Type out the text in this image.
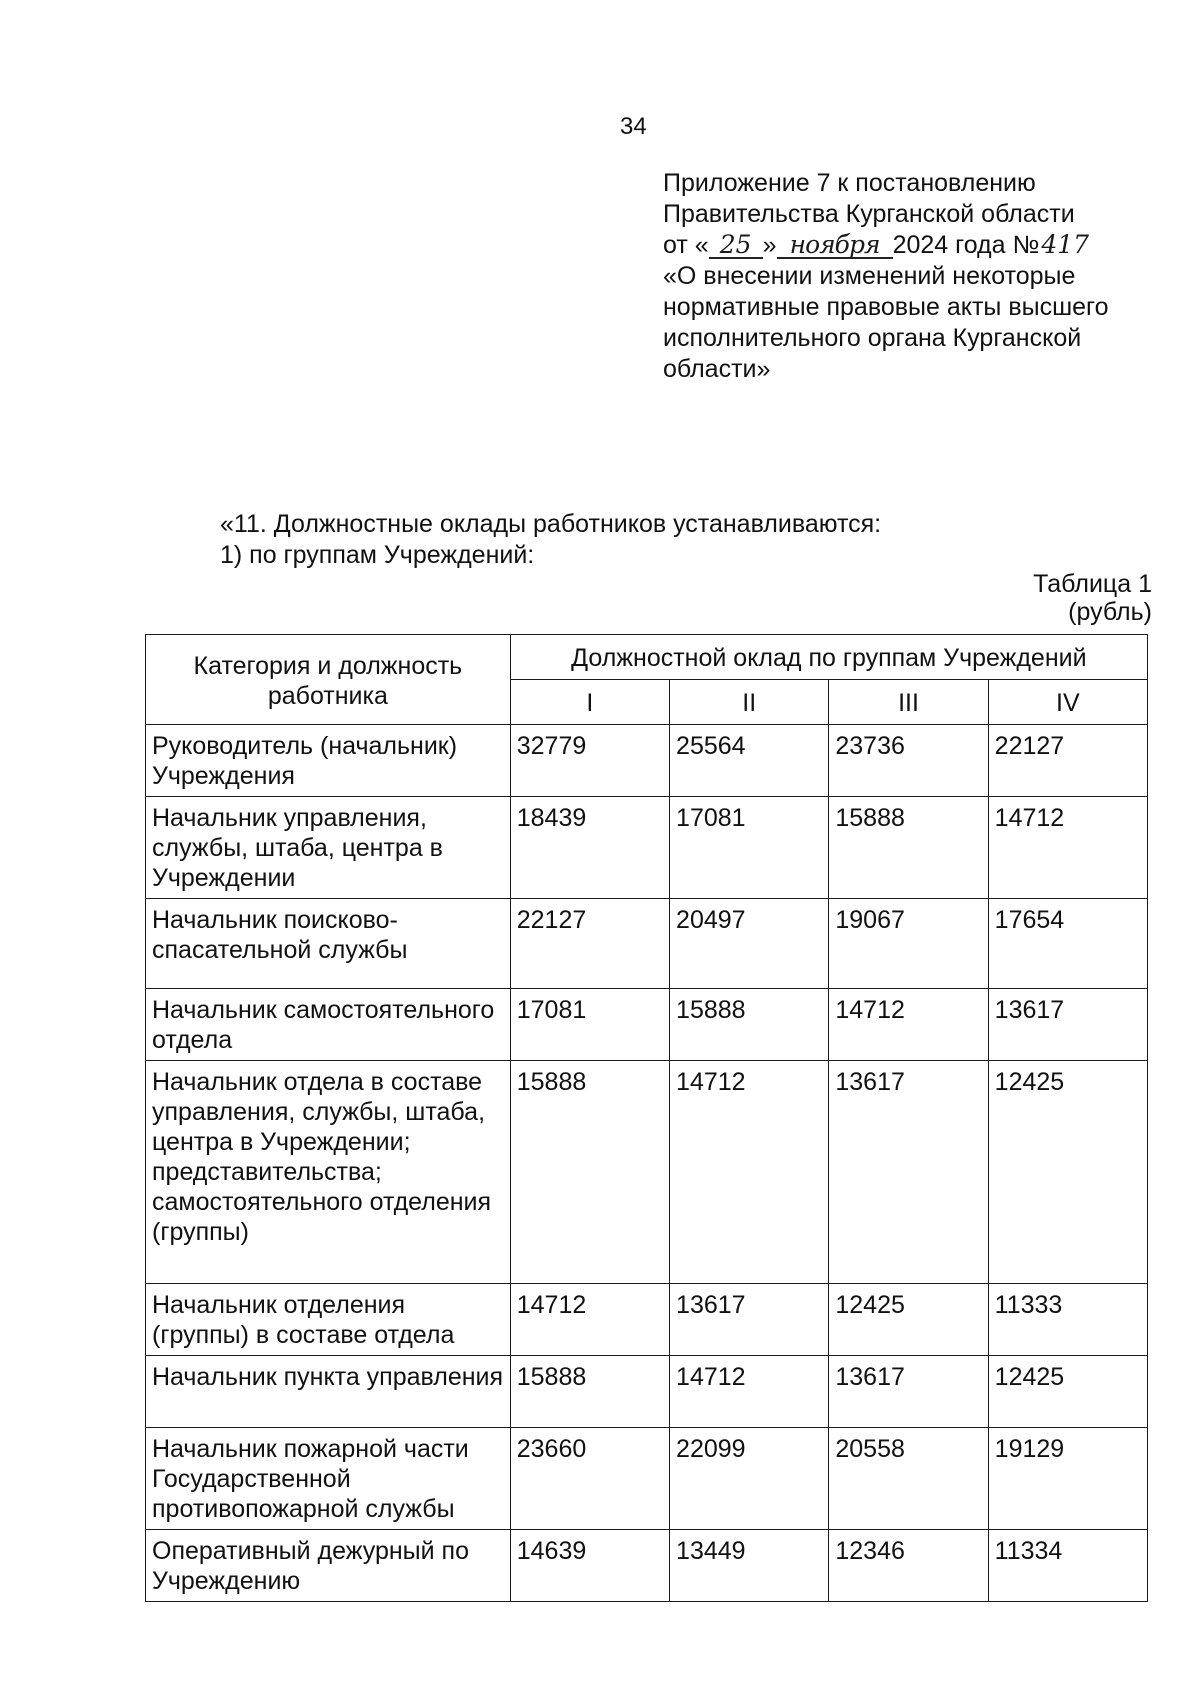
34
Приложение 7 к постановлению
Правительства Курганской области
от « 25 » ноября 2024 года №417
«О внесении изменений некоторые
нормативные правовые акты высшего
исполнительного органа Курганской
области»
«11. Должностные оклады работников устанавливаются:
1) по группам Учреждений:
Таблица 1
(рубль)
Категория и должность работника	Должностной оклад по группам Учреждений			
	I	II	III	IV
Руководитель (начальник) Учреждения	32779	25564	23736	22127
Начальник управления, службы, штаба, центра в Учреждении	18439	17081	15888	14712
Начальник поисково-спасательной службы	22127	20497	19067	17654
Начальник самостоятельного отдела	17081	15888	14712	13617
Начальник отдела в составе управления, службы, штаба, центра в Учреждении; представительства; самостоятельного отделения (группы)	15888	14712	13617	12425
Начальник отделения (группы) в составе отдела	14712	13617	12425	11333
Начальник пункта управления	15888	14712	13617	12425
Начальник пожарной части Государственной противопожарной службы	23660	22099	20558	19129
Оперативный дежурный по Учреждению	14639	13449	12346	11334
